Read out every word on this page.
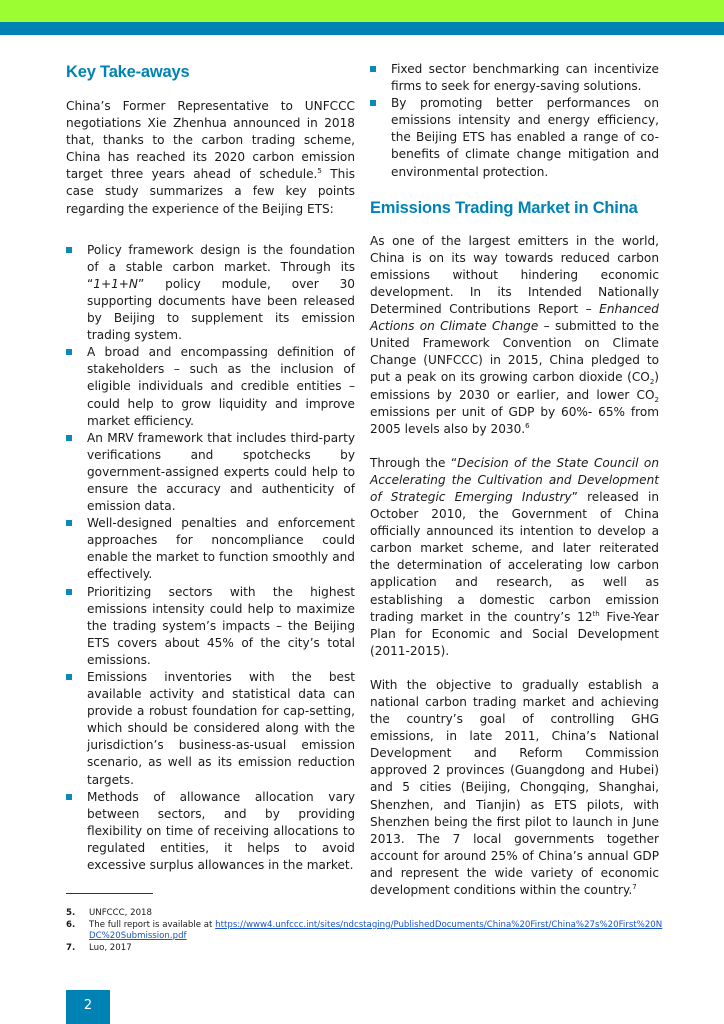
Key Take-aways

China’s Former Representative to UNFCCC negotiations Xie Zhenhua announced in 2018 that, thanks to the carbon trading scheme, China has reached its 2020 carbon emission target three years ahead of schedule.$^5$ This case study summarizes a few key points regarding the experience of the Beijing ETS:

Policy framework design is the foundation of a stable carbon market. Through its “1+1+N” policy module, over 30 supporting documents have been released by Beijing to supplement its emission trading system.
A broad and encompassing definition of stakeholders – such as the inclusion of eligible individuals and credible entities – could help to grow liquidity and improve market efficiency.
An MRV framework that includes third-party verifications and spotchecks by government-assigned experts could help to ensure the accuracy and authenticity of emission data.
Well-designed penalties and enforcement approaches for noncompliance could enable the market to function smoothly and effectively.
Prioritizing sectors with the highest emissions intensity could help to maximize the trading system’s impacts – the Beijing ETS covers about 45% of the city’s total emissions.
Emissions inventories with the best available activity and statistical data can provide a robust foundation for cap-setting, which should be considered along with the jurisdiction’s business-as-usual emission scenario, as well as its emission reduction targets.
Methods of allowance allocation vary between sectors, and by providing flexibility on time of receiving allocations to regulated entities, it helps to avoid excessive surplus allowances in the market.
Fixed sector benchmarking can incentivize firms to seek for energy-saving solutions.
By promoting better performances on emissions intensity and energy efficiency, the Beijing ETS has enabled a range of co-benefits of climate change mitigation and environmental protection.
Emissions Trading Market in China

As one of the largest emitters in the world, China is on its way towards reduced carbon emissions without hindering economic development. In its Intended Nationally Determined Contributions Report – Enhanced Actions on Climate Change – submitted to the United Framework Convention on Climate Change (UNFCCC) in 2015, China pledged to put a peak on its growing carbon dioxide $(CO_2)$ emissions by 2030 or earlier, and lower $CO_2$ emissions per unit of GDP by 60%- 65% from 2005 levels also by 2030.$^6$

Through the “Decision of the State Council on Accelerating the Cultivation and Development of Strategic Emerging Industry” released in October 2010, the Government of China officially announced its intention to develop a carbon market scheme, and later reiterated the determination of accelerating low carbon application and research, as well as establishing a domestic carbon emission trading market in the country’s 12th Five-Year Plan for Economic and Social Development (2011-2015).

With the objective to gradually establish a national carbon trading market and achieving the country’s goal of controlling GHG emissions, in late 2011, China’s National Development and Reform Commission approved 2 provinces (Guangdong and Hubei) and 5 cities (Beijing, Chongqing, Shanghai, Shenzhen, and Tianjin) as ETS pilots, with Shenzhen being the first pilot to launch in June 2013. The 7 local governments together account for around 25% of China’s annual GDP and represent the wide variety of economic development conditions within the country.$^7$

5. UNFCCC, 2018
6. The full report is available at https://www4.unfccc.int/sites/ndcstaging/PublishedDocuments/China%20First/China%27s%20First%20NDC%20Submission.pdf
7. Luo, 2017
2
